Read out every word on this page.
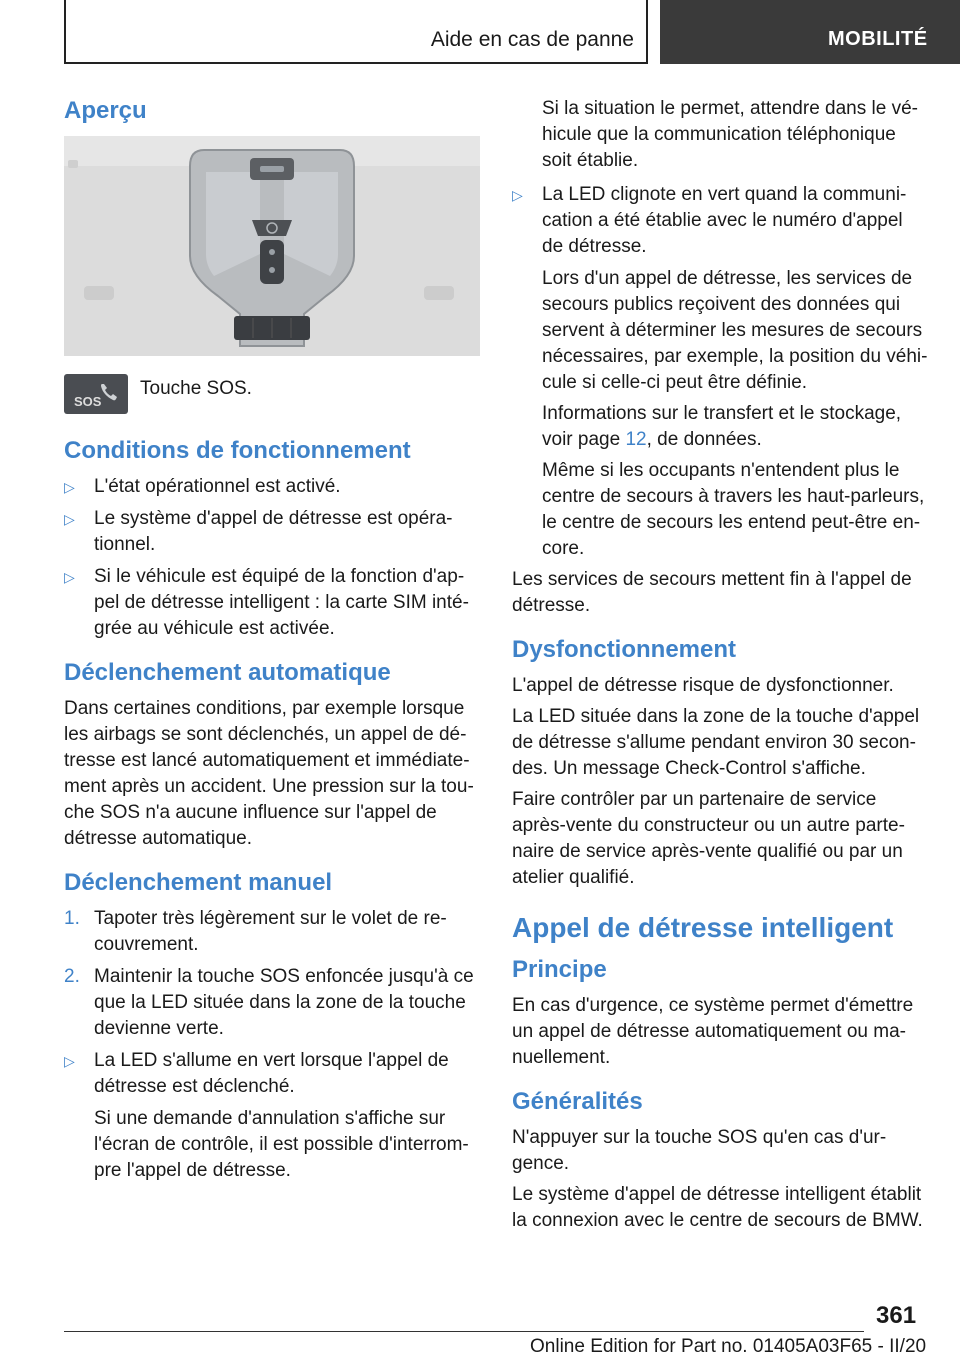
Aide en cas de panne	MOBILITÉ
Aperçu
SOS
Touche SOS.
Conditions de fonctionnement
▷ L'état opérationnel est activé.
▷ Le système d'appel de détresse est opéra‐ tionnel.
▷ Si le véhicule est équipé de la fonction d'ap‐ pel de détresse intelligent : la carte SIM inté‐ grée au véhicule est activée.
Déclenchement automatique

Dans certaines conditions, par exemple lorsque les airbags se sont déclenchés, un appel de dé‐ tresse est lancé automatiquement et immédiate‐ ment après un accident. Une pression sur la tou‐ che SOS n'a aucune influence sur l'appel de détresse automatique.

Déclenchement manuel
1. Tapoter très légèrement sur le volet de re‐ couvrement.
2. Maintenir la touche SOS enfoncée jusqu'à ce que la LED située dans la zone de la touche devienne verte.
▷ La LED s'allume en vert lorsque l'appel de détresse est déclenché.

Si une demande d'annulation s'affiche sur l'écran de contrôle, il est possible d'interrom‐ pre l'appel de détresse.

Si la situation le permet, attendre dans le vé‐ hicule que la communication téléphonique soit établie.

▷ La LED clignote en vert quand la communi‐ cation a été établie avec le numéro d'appel de détresse.

Lors d'un appel de détresse, les services de secours publics reçoivent des données qui servent à déterminer les mesures de secours nécessaires, par exemple, la position du véhi‐ cule si celle-ci peut être définie.

Informations sur le transfert et le stockage, voir page 12, de données.

Même si les occupants n'entendent plus le centre de secours à travers les haut-parleurs, le centre de secours les entend peut-être en‐ core.

Les services de secours mettent fin à l'appel de détresse.

Dysfonctionnement

L'appel de détresse risque de dysfonctionner.

La LED située dans la zone de la touche d'appel de détresse s'allume pendant environ 30 secon‐ des. Un message Check-Control s'affiche.

Faire contrôler par un partenaire de service après-vente du constructeur ou un autre parte‐ naire de service après-vente qualifié ou par un atelier qualifié.

Appel de détresse intelligent
Principe

En cas d'urgence, ce système permet d'émettre un appel de détresse automatiquement ou ma‐ nuellement.

Généralités

N'appuyer sur la touche SOS qu'en cas d'ur‐ gence.

Le système d'appel de détresse intelligent établit la connexion avec le centre de secours de BMW.

361
Online Edition for Part no. 01405A03F65 - II/20
